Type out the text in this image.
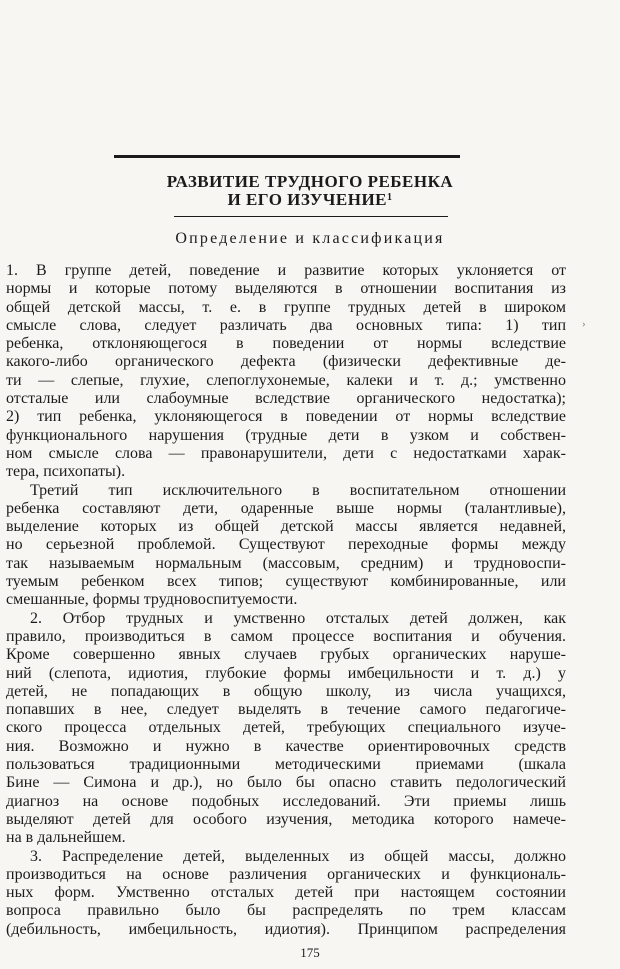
›
РАЗВИТИЕ ТРУДНОГО РЕБЕНКА
И ЕГО ИЗУЧЕНИЕ$^1$
Определение и классификация
1. В группе детей, поведение и развитие которых уклоняется от
нормы и которые потому выделяются в отношении воспитания из
общей детской массы, т. е. в группе трудных детей в широком
смысле слова, следует различать два основных типа: 1) тип
ребенка, отклоняющегося в поведении от нормы вследствие
какого-либо органического дефекта (физически дефективные де-
ти — слепые, глухие, слепоглухонемые, калеки и т. д.; умственно
отсталые или слабоумные вследствие органического недостатка);
2) тип ребенка, уклоняющегося в поведении от нормы вследствие
функционального нарушения (трудные дети в узком и собствен-
ном смысле слова — правонарушители, дети с недостатками харак-
тера, психопаты).
Третий тип исключительного в воспитательном отношении
ребенка составляют дети, одаренные выше нормы (талантливые),
выделение которых из общей детской массы является недавней,
но серьезной проблемой. Существуют переходные формы между
так называемым нормальным (массовым, средним) и трудновоспи-
туемым ребенком всех типов; существуют комбинированные, или
смешанные, формы трудновоспитуемости.
2. Отбор трудных и умственно отсталых детей должен, как
правило, производиться в самом процессе воспитания и обучения.
Кроме совершенно явных случаев грубых органических наруше-
ний (слепота, идиотия, глубокие формы имбецильности и т. д.) у
детей, не попадающих в общую школу, из числа учащихся,
попавших в нее, следует выделять в течение самого педагогиче-
ского процесса отдельных детей, требующих специального изуче-
ния. Возможно и нужно в качестве ориентировочных средств
пользоваться традиционными методическими приемами (шкала
Бине — Симона и др.), но было бы опасно ставить педологический
диагноз на основе подобных исследований. Эти приемы лишь
выделяют детей для особого изучения, методика которого намече-
на в дальнейшем.
3. Распределение детей, выделенных из общей массы, должно
производиться на основе различения органических и функциональ-
ных форм. Умственно отсталых детей при настоящем состоянии
вопроса правильно было бы распределять по трем классам
(дебильность, имбецильность, идиотия). Принципом распределения
175
